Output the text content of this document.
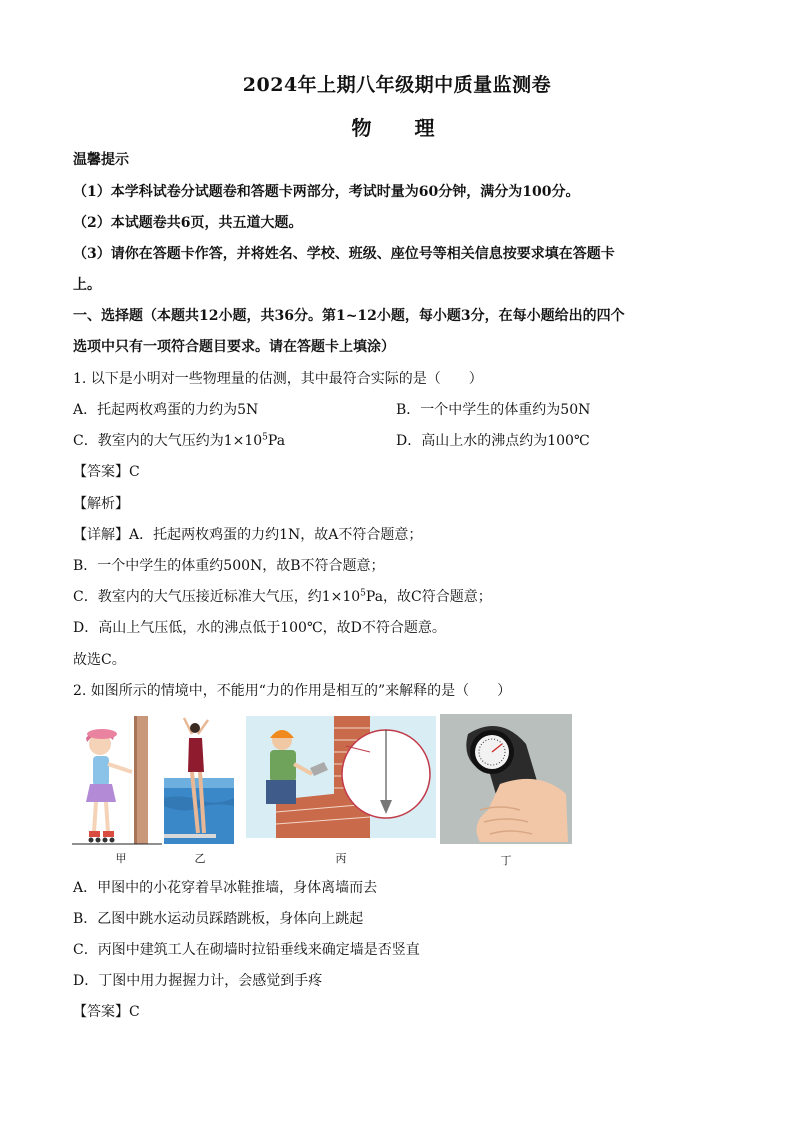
2024年上期八年级期中质量监测卷
物 理
温馨提示
（1）本学科试卷分试题卷和答题卡两部分，考试时量为60分钟，满分为100分。
（2）本试题卷共6页，共五道大题。
（3）请你在答题卡作答，并将姓名、学校、班级、座位号等相关信息按要求填在答题卡
上。
一、选择题（本题共12小题，共36分。第1~12小题，每小题3分，在每小题给出的四个
选项中只有一项符合题目要求。请在答题卡上填涂）
1. 以下是小明对一些物理量的估测，其中最符合实际的是（　　）
A．托起两枚鸡蛋的力约为5N	B．一个中学生的体重约为50N
C．教室内的大气压约为$1\times 10^5Pa$	D．高山上水的沸点约为100℃
【答案】C
【解析】
【详解】A．托起两枚鸡蛋的力约1N，故A不符合题意；
B．一个中学生的体重约500N，故B不符合题意；
C．教室内的大气压接近标准大气压，约$1\times 10^5Pa$，故C符合题意；
D．高山上气压低，水的沸点低于100℃，故D不符合题意。
故选C。
2. 如图所示的情境中，不能用“力的作用是相互的”来解释的是（　　）
甲	乙	丙	丁
A．甲图中的小花穿着旱冰鞋推墙，身体离墙而去
B．乙图中跳水运动员踩踏跳板，身体向上跳起
C．丙图中建筑工人在砌墙时拉铅垂线来确定墙是否竖直
D．丁图中用力握握力计，会感觉到手疼
【答案】C
